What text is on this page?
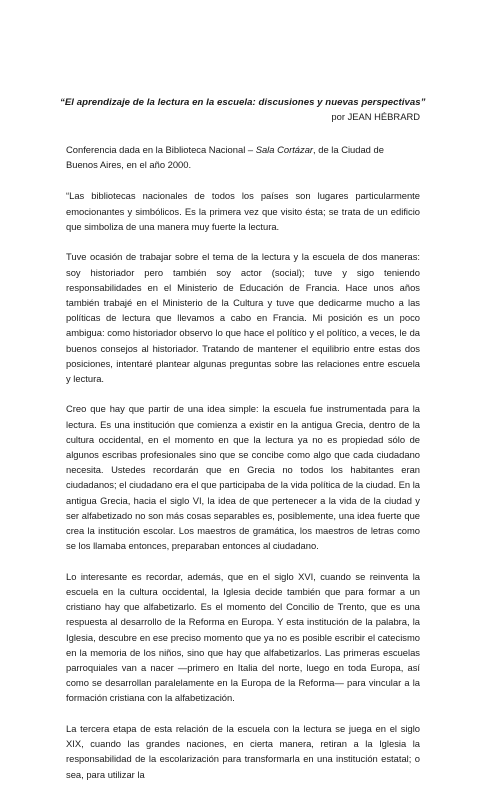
“El aprendizaje de la lectura en la escuela: discusiones y nuevas perspectivas”
por JEAN HÉBRARD

Conferencia dada en la Biblioteca Nacional – Sala Cortázar, de la Ciudad de Buenos Aires, en el año 2000.

“Las bibliotecas nacionales de todos los países son lugares particularmente emocionantes y simbólicos. Es la primera vez que visito ésta; se trata de un edificio que simboliza de una manera muy fuerte la lectura.

Tuve ocasión de trabajar sobre el tema de la lectura y la escuela de dos maneras: soy historiador pero también soy actor (social); tuve y sigo teniendo responsabilidades en el Ministerio de Educación de Francia. Hace unos años también trabajé en el Ministerio de la Cultura y tuve que dedicarme mucho a las políticas de lectura que llevamos a cabo en Francia. Mi posición es un poco ambigua: como historiador observo lo que hace el político y el político, a veces, le da buenos consejos al historiador. Tratando de mantener el equilibrio entre estas dos posiciones, intentaré plantear algunas preguntas sobre las relaciones entre escuela y lectura.

Creo que hay que partir de una idea simple: la escuela fue instrumentada para la lectura. Es una institución que comienza a existir en la antigua Grecia, dentro de la cultura occidental, en el momento en que la lectura ya no es propiedad sólo de algunos escribas profesionales sino que se concibe como algo que cada ciudadano necesita. Ustedes recordarán que en Grecia no todos los habitantes eran ciudadanos; el ciudadano era el que participaba de la vida política de la ciudad. En la antigua Grecia, hacia el siglo VI, la idea de que pertenecer a la vida de la ciudad y ser alfabetizado no son más cosas separables es, posiblemente, una idea fuerte que crea la institución escolar. Los maestros de gramática, los maestros de letras como se los llamaba entonces, preparaban entonces al ciudadano.

Lo interesante es recordar, además, que en el siglo XVI, cuando se reinventa la escuela en la cultura occidental, la Iglesia decide también que para formar a un cristiano hay que alfabetizarlo. Es el momento del Concilio de Trento, que es una respuesta al desarrollo de la Reforma en Europa. Y esta institución de la palabra, la Iglesia, descubre en ese preciso momento que ya no es posible escribir el catecismo en la memoria de los niños, sino que hay que alfabetizarlos. Las primeras escuelas parroquiales van a nacer —primero en Italia del norte, luego en toda Europa, así como se desarrollan paralelamente en la Europa de la Reforma— para vincular a la formación cristiana con la alfabetización.

La tercera etapa de esta relación de la escuela con la lectura se juega en el siglo XIX, cuando las grandes naciones, en cierta manera, retiran a la Iglesia la responsabilidad de la escolarización para transformarla en una institución estatal; o sea, para utilizar la
